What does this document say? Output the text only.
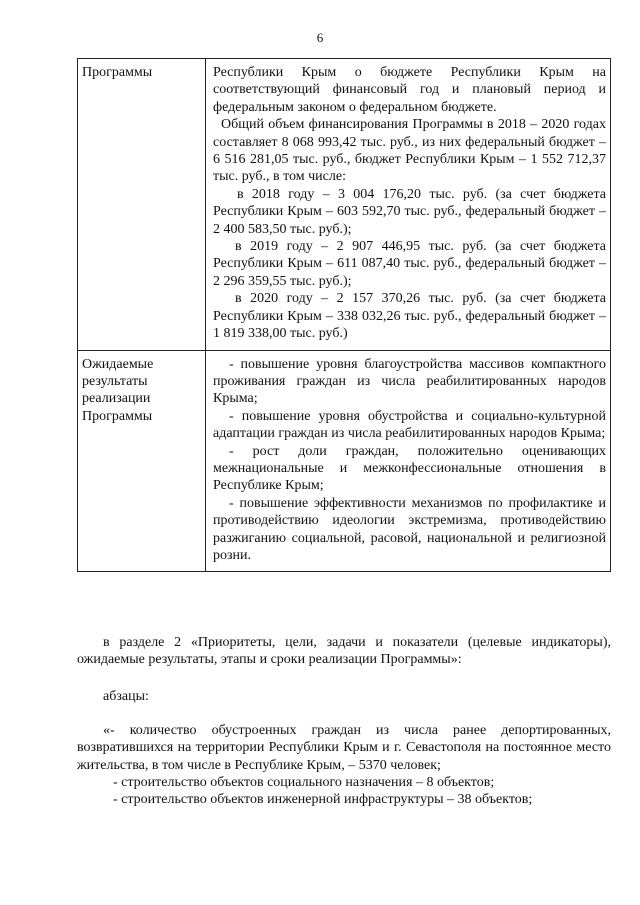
6
Программы	Республики Крым о бюджете Республики Крым на соответствующий финансовый год и плановый период и федеральным законом о федеральном бюджете.

Общий объем финансирования Программы в 2018 – 2020 годах составляет 8 068 993,42 тыс. руб., из них федеральный бюджет – 6 516 281,05 тыс. руб., бюджет Республики Крым – 1 552 712,37 тыс. руб., в том числе:

в 2018 году – 3 004 176,20 тыс. руб. (за счет бюджета Республики Крым – 603 592,70 тыс. руб., федеральный бюджет – 2 400 583,50 тыс. руб.);

в 2019 году – 2 907 446,95 тыс. руб. (за счет бюджета Республики Крым – 611 087,40 тыс. руб., федеральный бюджет – 2 296 359,55 тыс. руб.);

в 2020 году – 2 157 370,26 тыс. руб. (за счет бюджета Республики Крым – 338 032,26 тыс. руб., федеральный бюджет – 1 819 338,00 тыс. руб.)

Ожидаемые результаты реализации Программы	- повышение уровня благоустройства массивов компактного проживания граждан из числа реабилитированных народов Крыма;

- повышение уровня обустройства и социально-культурной адаптации граждан из числа реабилитированных народов Крыма;

- рост доли граждан, положительно оценивающих межнациональные и межконфессиональные отношения в Республике Крым;

- повышение эффективности механизмов по профилактике и противодействию идеологии экстремизма, противодействию разжиганию социальной, расовой, национальной и религиозной розни.

в разделе 2 «Приоритеты, цели, задачи и показатели (целевые индикаторы), ожидаемые результаты, этапы и сроки реализации Программы»:

абзацы:

«- количество обустроенных граждан из числа ранее депортированных, возвратившихся на территории Республики Крым и г. Севастополя на постоянное место жительства, в том числе в Республике Крым, – 5370 человек;

- строительство объектов социального назначения – 8 объектов;

- строительство объектов инженерной инфраструктуры – 38 объектов;
